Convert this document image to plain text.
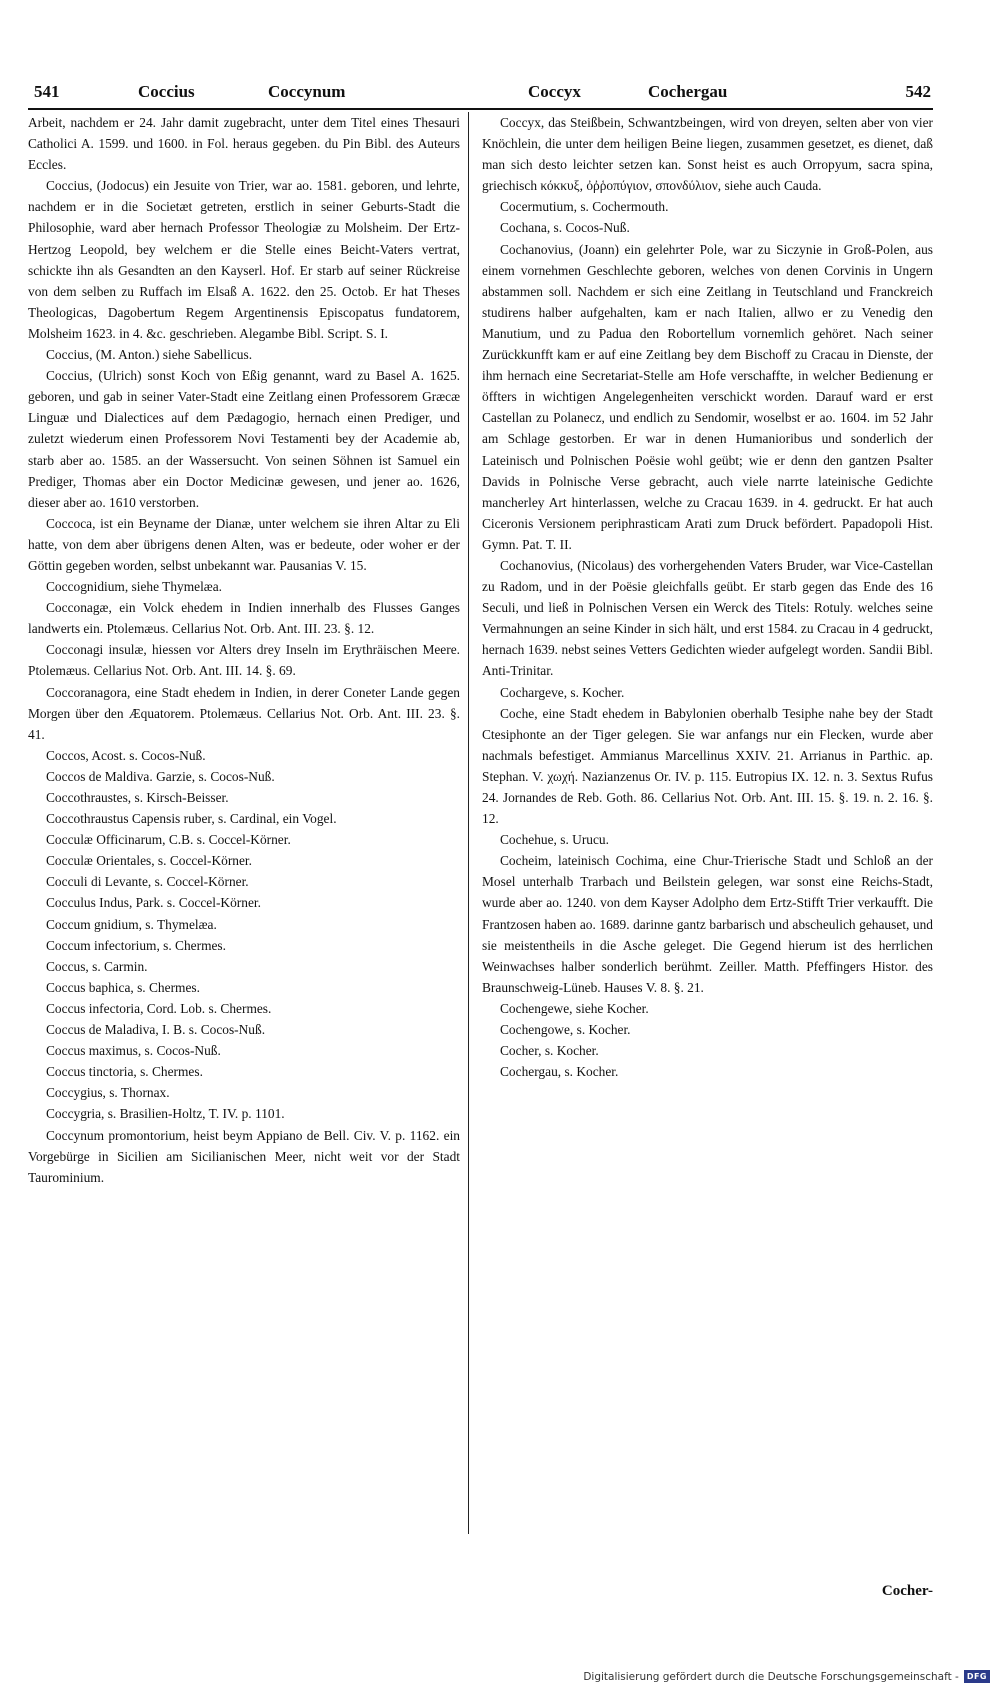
541	Coccius	Coccynum	Coccyx	Cochergau	542

Arbeit, nachdem er 24. Jahr damit zugebracht, unter dem Titel eines Thesauri Catholici A. 1599. und 1600. in Fol. heraus gegeben. du Pin Bibl. des Auteurs Eccles.

Coccius, (Jodocus) ein Jesuite von Trier, war ao. 1581. geboren, und lehrte, nachdem er in die Societæt getreten, erstlich in seiner Geburts-Stadt die Philosophie, ward aber hernach Professor Theologiæ zu Molsheim. Der Ertz-Hertzog Leopold, bey welchem er die Stelle eines Beicht-Vaters vertrat, schickte ihn als Gesandten an den Kayserl. Hof. Er starb auf seiner Rückreise von dem selben zu Ruffach im Elsaß A. 1622. den 25. Octob. Er hat Theses Theologicas, Dagobertum Regem Argentinensis Episcopatus fundatorem, Molsheim 1623. in 4. &c. geschrieben. Alegambe Bibl. Script. S. I.

Coccius, (M. Anton.) siehe Sabellicus.

Coccius, (Ulrich) sonst Koch von Eßig genannt, ward zu Basel A. 1625. geboren, und gab in seiner Vater-Stadt eine Zeitlang einen Professorem Græcæ Linguæ und Dialectices auf dem Pædagogio, hernach einen Prediger, und zuletzt wiederum einen Professorem Novi Testamenti bey der Academie ab, starb aber ao. 1585. an der Wassersucht. Von seinen Söhnen ist Samuel ein Prediger, Thomas aber ein Doctor Medicinæ gewesen, und jener ao. 1626, dieser aber ao. 1610 verstorben.

Coccoca, ist ein Beyname der Dianæ, unter welchem sie ihren Altar zu Eli hatte, von dem aber übrigens denen Alten, was er bedeute, oder woher er der Göttin gegeben worden, selbst unbekannt war. Pausanias V. 15.

Coccognidium, siehe Thymelæa.

Cocconagæ, ein Volck ehedem in Indien innerhalb des Flusses Ganges landwerts ein. Ptolemæus. Cellarius Not. Orb. Ant. III. 23. §. 12.

Cocconagi insulæ, hiessen vor Alters drey Inseln im Erythräischen Meere. Ptolemæus. Cellarius Not. Orb. Ant. III. 14. §. 69.

Coccoranagora, eine Stadt ehedem in Indien, in derer Coneter Lande gegen Morgen über den Æquatorem. Ptolemæus. Cellarius Not. Orb. Ant. III. 23. §. 41.

Coccos, Acost. s. Cocos-Nuß.

Coccos de Maldiva. Garzie, s. Cocos-Nuß.

Coccothraustes, s. Kirsch-Beisser.

Coccothraustus Capensis ruber, s. Cardinal, ein Vogel.

Cocculæ Officinarum, C.B. s. Coccel-Körner.

Cocculæ Orientales, s. Coccel-Körner.

Cocculi di Levante, s. Coccel-Körner.

Cocculus Indus, Park. s. Coccel-Körner.

Coccum gnidium, s. Thymelæa.

Coccum infectorium, s. Chermes.

Coccus, s. Carmin.

Coccus baphica, s. Chermes.

Coccus infectoria, Cord. Lob. s. Chermes.

Coccus de Maladiva, I. B. s. Cocos-Nuß.

Coccus maximus, s. Cocos-Nuß.

Coccus tinctoria, s. Chermes.

Coccygius, s. Thornax.

Coccygria, s. Brasilien-Holtz, T. IV. p. 1101.

Coccynum promontorium, heist beym Appiano de Bell. Civ. V. p. 1162. ein Vorgebürge in Sicilien am Sicilianischen Meer, nicht weit vor der Stadt Taurominium.

Coccyx, das Steißbein, Schwantzbeingen, wird von dreyen, selten aber von vier Knöchlein, die unter dem heiligen Beine liegen, zusammen gesetzet, es dienet, daß man sich desto leichter setzen kan. Sonst heist es auch Orropyum, sacra spina, griechisch κόκκυξ, ὀῤῥοπύγιον, σπονδύλιον, siehe auch Cauda.

Cocermutium, s. Cochermouth.

Cochana, s. Cocos-Nuß.

Cochanovius, (Joann) ein gelehrter Pole, war zu Siczynie in Groß-Polen, aus einem vornehmen Geschlechte geboren, welches von denen Corvinis in Ungern abstammen soll. Nachdem er sich eine Zeitlang in Teutschland und Franckreich studirens halber aufgehalten, kam er nach Italien, allwo er zu Venedig den Manutium, und zu Padua den Robortellum vornemlich gehöret. Nach seiner Zurückkunfft kam er auf eine Zeitlang bey dem Bischoff zu Cracau in Dienste, der ihm hernach eine Secretariat-Stelle am Hofe verschaffte, in welcher Bedienung er öffters in wichtigen Angelegenheiten verschickt worden. Darauf ward er erst Castellan zu Polanecz, und endlich zu Sendomir, woselbst er ao. 1604. im 52 Jahr am Schlage gestorben. Er war in denen Humanioribus und sonderlich der Lateinisch und Polnischen Poësie wohl geübt; wie er denn den gantzen Psalter Davids in Polnische Verse gebracht, auch viele narrte lateinische Gedichte mancherley Art hinterlassen, welche zu Cracau 1639. in 4. gedruckt. Er hat auch Ciceronis Versionem periphrasticam Arati zum Druck befördert. Papadopoli Hist. Gymn. Pat. T. II.

Cochanovius, (Nicolaus) des vorhergehenden Vaters Bruder, war Vice-Castellan zu Radom, und in der Poësie gleichfalls geübt. Er starb gegen das Ende des 16 Seculi, und ließ in Polnischen Versen ein Werck des Titels: Rotuly. welches seine Vermahnungen an seine Kinder in sich hält, und erst 1584. zu Cracau in 4 gedruckt, hernach 1639. nebst seines Vetters Gedichten wieder aufgelegt worden. Sandii Bibl. Anti-Trinitar.

Cochargeve, s. Kocher.

Coche, eine Stadt ehedem in Babylonien oberhalb Tesiphe nahe bey der Stadt Ctesiphonte an der Tiger gelegen. Sie war anfangs nur ein Flecken, wurde aber nachmals befestiget. Ammianus Marcellinus XXIV. 21. Arrianus in Parthic. ap. Stephan. V. χωχή. Nazianzenus Or. IV. p. 115. Eutropius IX. 12. n. 3. Sextus Rufus 24. Jornandes de Reb. Goth. 86. Cellarius Not. Orb. Ant. III. 15. §. 19. n. 2. 16. §. 12.

Cochehue, s. Urucu.

Cocheim, lateinisch Cochima, eine Chur-Trierische Stadt und Schloß an der Mosel unterhalb Trarbach und Beilstein gelegen, war sonst eine Reichs-Stadt, wurde aber ao. 1240. von dem Kayser Adolpho dem Ertz-Stifft Trier verkaufft. Die Frantzosen haben ao. 1689. darinne gantz barbarisch und abscheulich gehauset, und sie meistentheils in die Asche geleget. Die Gegend hierum ist des herrlichen Weinwachses halber sonderlich berühmt. Zeiller. Matth. Pfeffingers Histor. des Braunschweig-Lüneb. Hauses V. 8. §. 21.

Cochengewe, siehe Kocher.

Cochengowe, s. Kocher.

Cocher, s. Kocher.

Cochergau, s. Kocher.

Cocher-
Digitalisierung gefördert durch die Deutsche Forschungsgemeinschaft -	DFG
